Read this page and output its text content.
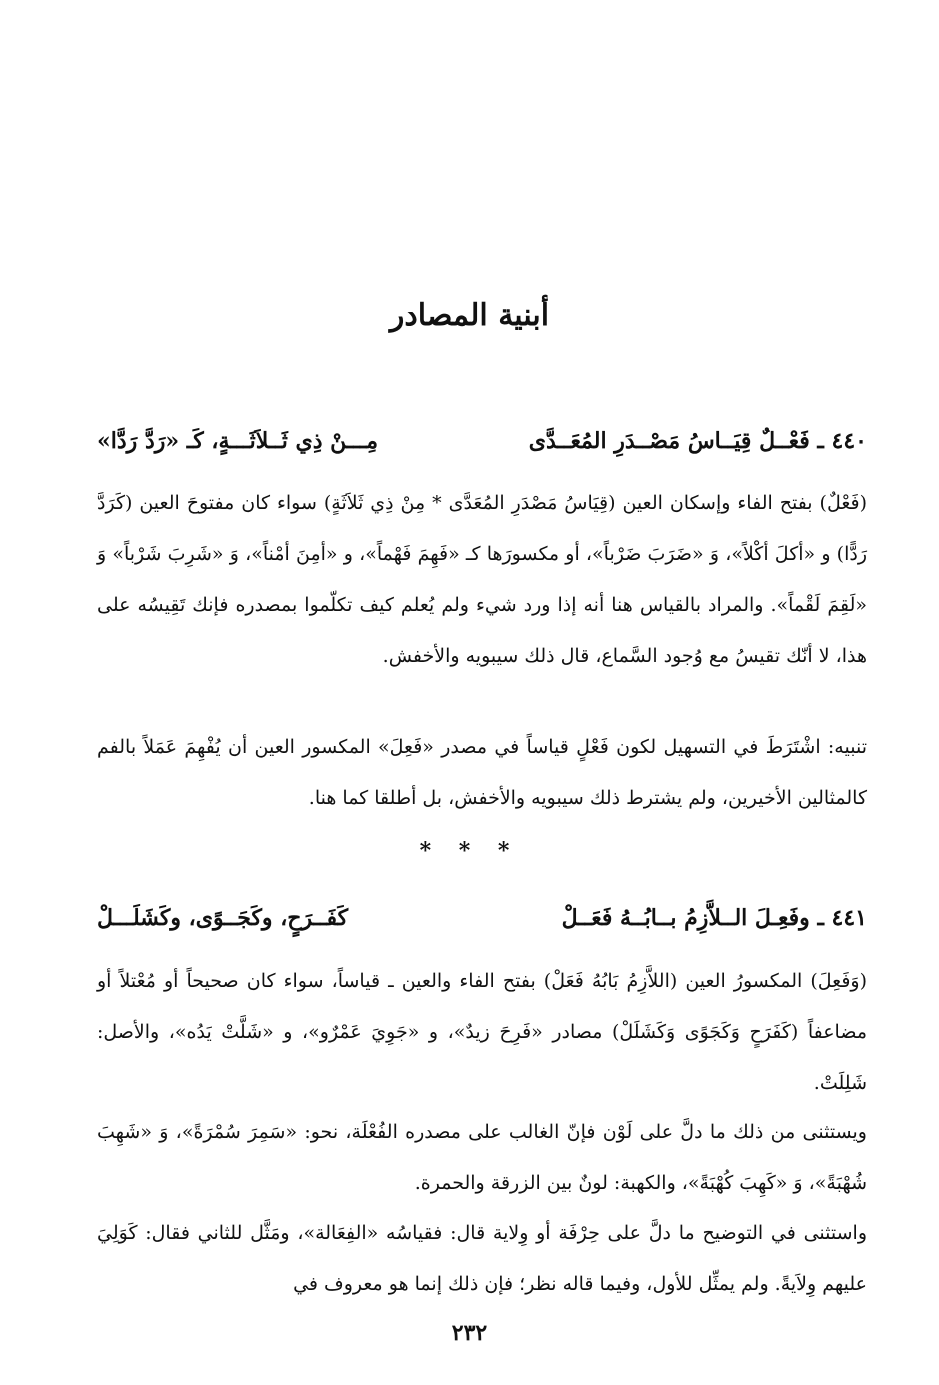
أبنية المصادر
٤٤٠ ـ فَعْــلٌ قِيَــاسُ مَصْــدَرِ المُعَــدَّى
مِـــنْ ذِي ثَــلاَثَـــةٍ، كَـ «رَدَّ رَدَّا»
(فَعْلٌ) بفتح الفاء وإسكان العين (قِيَاسُ مَصْدَرِ المُعَدَّى * مِنْ ذِي ثَلاَثَةٍ) سواء كان مفتوحَ العين (كَرَدَّ رَدًّا) و «أكلَ أكْلاً»، وَ «ضَرَبَ ضَرْباً»، أو مكسورَها كـ «فَهِمَ فَهْماً»، و «أمِنَ أمْناً»، وَ «شَرِبَ شَرْباً» وَ «لَقِمَ لَقْماً». والمراد بالقياس هنا أنه إذا ورد شيء ولم يُعلم كيف تكلّموا بمصدره فإنك تَقِيسُه على هذا، لا أنّك تقيسُ مع وُجود السَّماع، قال ذلك سيبويه والأخفش.
تنبيه: اشْتَرَطَ في التسهيل لكون فَعْلٍ قياساً في مصدر «فَعِلَ» المكسور العين أن يُفْهِمَ عَمَلاً بالفم كالمثالين الأخيرين، ولم يشترط ذلك سيبويه والأخفش، بل أطلقا كما هنا.
* * *
٤٤١ ـ وفَعِـلَ الــلاَّزِمُ بــابُــهُ فَعَــلْ
كَفَــرَحٍ، وكَجَــوًى، وكَشَلَـــلْ
(وَفَعِلَ) المكسورُ العين (اللاَّزِمُ بَابُهُ فَعَلْ) بفتح الفاء والعين ـ قياساً، سواء كان صحيحاً أو مُعْتلاً أو مضاعفاً (كَفَرَحٍ وَكَجَوًى وَكَشَلَلْ) مصادر «فَرِحَ زيدٌ»، و «جَوِيَ عَمْرٌو»، و «شَلَّتْ يَدُه»، والأصل: شَلِلَتْ.
ويستثنى من ذلك ما دلَّ على لَوْن فإنّ الغالب على مصدره الفُعْلَة، نحو: «سَمِرَ سُمْرَةً»، وَ «شَهِبَ شُهْبَةً»، وَ «كَهِبَ كُهْبَةً»، والكهبة: لونٌ بين الزرقة والحمرة.
واستثنى في التوضيح ما دلَّ على حِرْفَة أو وِلاية قال: فقياسُه «الفِعَالة»، ومَثَّل للثاني فقال: كَوَلِيَ عليهم وِلاَيةً. ولم يمثِّل للأول، وفيما قاله نظر؛ فإن ذلك إنما هو معروف في
٢٣٢
